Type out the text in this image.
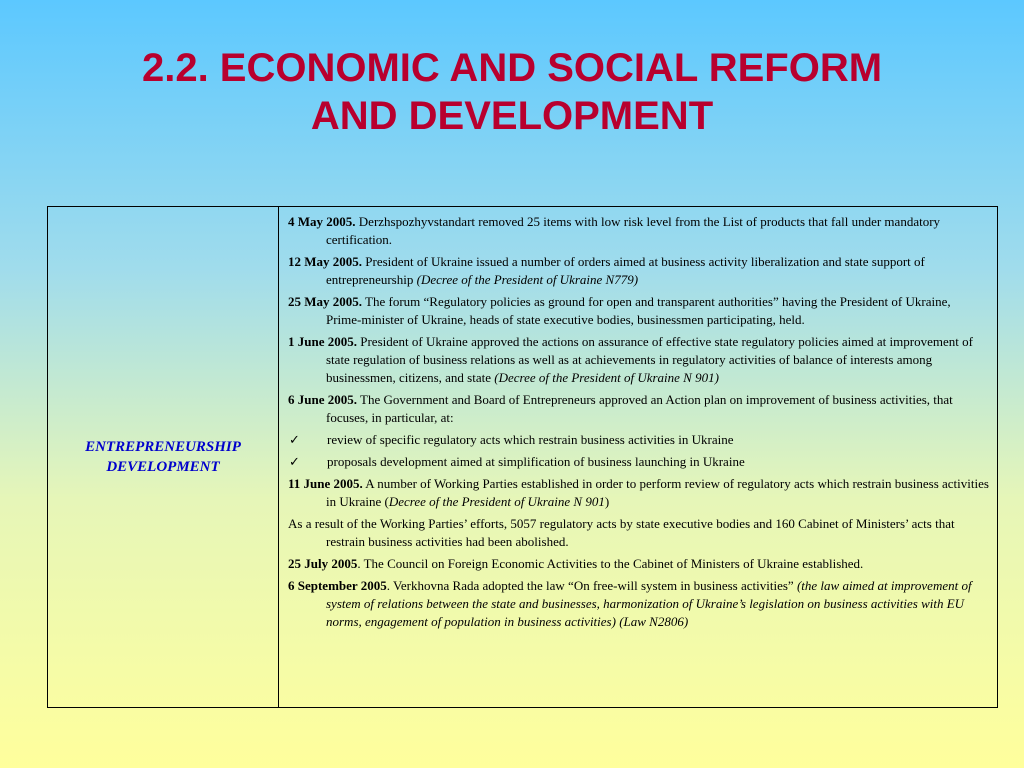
2.2. ECONOMIC AND SOCIAL REFORM
AND DEVELOPMENT
ENTREPRENEURSHIP
DEVELOPMENT

4 May 2005. Derzhspozhyvstandart removed 25 items with low risk level from the List of products that fall under mandatory certification.

12 May 2005. President of Ukraine issued a number of orders aimed at business activity liberalization and state support of entrepreneurship (Decree of the President of Ukraine N779)

25 May 2005. The forum “Regulatory policies as ground for open and transparent authorities” having the President of Ukraine, Prime-minister of Ukraine, heads of state executive bodies, businessmen participating, held.

1 June 2005. President of Ukraine approved the actions on assurance of effective state regulatory policies aimed at improvement of state regulation of business relations as well as at achievements in regulatory activities of balance of interests among businessmen, citizens, and state (Decree of the President of Ukraine N 901)

6 June 2005. The Government and Board of Entrepreneurs approved an Action plan on improvement of business activities, that focuses, in particular, at:

✓	review of specific regulatory acts which restrain business activities in Ukraine
✓	proposals development aimed at simplification of business launching in Ukraine

11 June 2005. A number of Working Parties established in order to perform review of regulatory acts which restrain business activities in Ukraine (Decree of the President of Ukraine N 901)

As a result of the Working Parties’ efforts, 5057 regulatory acts by state executive bodies and 160 Cabinet of Ministers’ acts that restrain business activities had been abolished.

25 July 2005. The Council on Foreign Economic Activities to the Cabinet of Ministers of Ukraine established.

6 September 2005. Verkhovna Rada adopted the law “On free-will system in business activities” (the law aimed at improvement of system of relations between the state and businesses, harmonization of Ukraine’s legislation on business activities with EU norms, engagement of population in business activities) (Law N2806)
